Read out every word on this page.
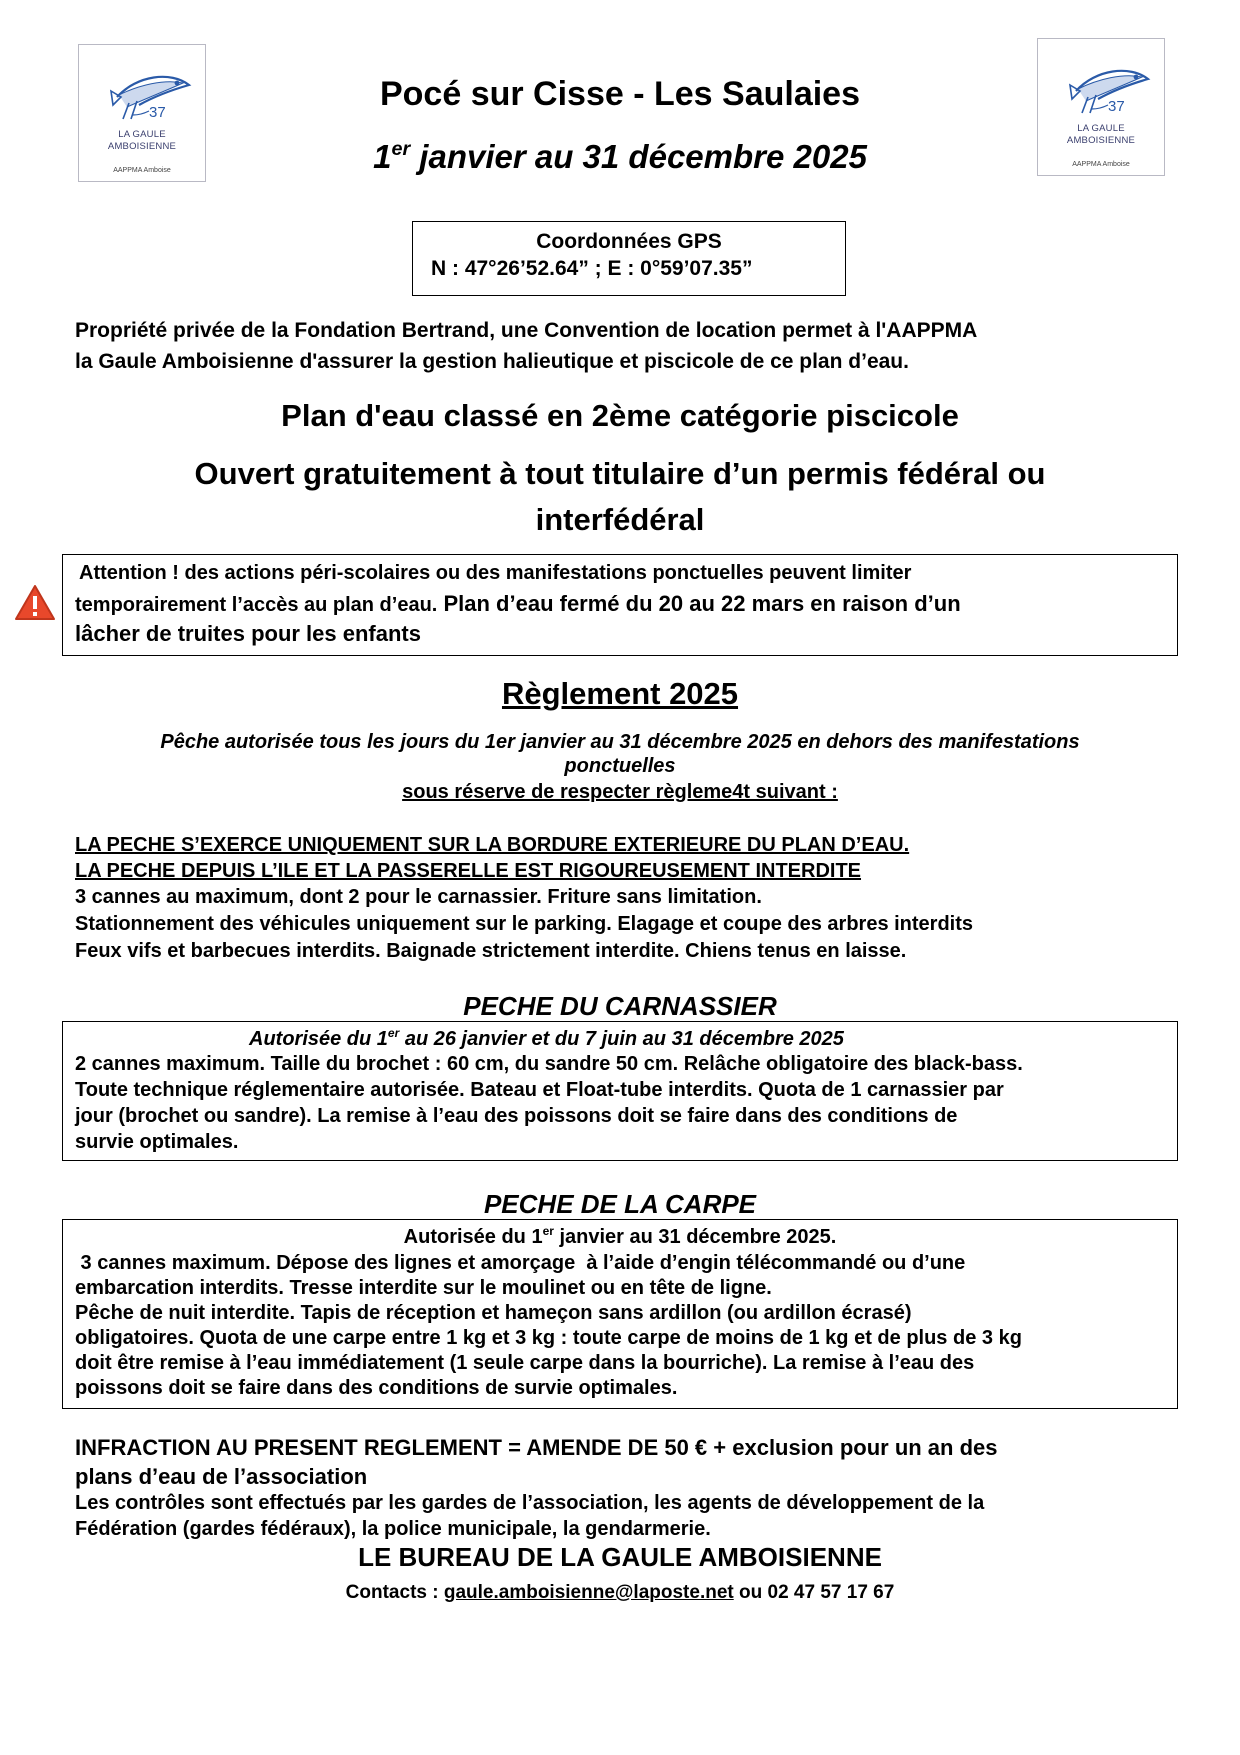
37
LA GAULE
AMBOISIENNE
AAPPMA Amboise
37
LA GAULE
AMBOISIENNE
AAPPMA Amboise
Pocé sur Cisse - Les Saulaies
1er janvier au 31 décembre 2025
Coordonnées GPS
N : 47°26’52.64” ; E : 0°59’07.35”
Propriété privée de la Fondation Bertrand, une Convention de location permet à l'AAPPMA
la Gaule Amboisienne d'assurer la gestion halieutique et piscicole de ce plan d’eau.
Plan d'eau classé en 2ème catégorie piscicole
Ouvert gratuitement à tout titulaire d’un permis fédéral ou
interfédéral
Attention ! des actions péri-scolaires ou des manifestations ponctuelles peuvent limiter
temporairement l’accès au plan d’eau. Plan d’eau fermé du 20 au 22 mars en raison d’un
lâcher de truites pour les enfants
Règlement 2025
Pêche autorisée tous les jours du 1er janvier au 31 décembre 2025 en dehors des manifestations
ponctuelles
sous réserve de respecter règleme4t suivant :
LA PECHE S’EXERCE UNIQUEMENT SUR LA BORDURE EXTERIEURE DU PLAN D’EAU.
LA PECHE DEPUIS L’ILE ET LA PASSERELLE EST RIGOUREUSEMENT INTERDITE
3 cannes au maximum, dont 2 pour le carnassier. Friture sans limitation.
Stationnement des véhicules uniquement sur le parking. Elagage et coupe des arbres interdits
Feux vifs et barbecues interdits. Baignade strictement interdite. Chiens tenus en laisse.
PECHE DU CARNASSIER
Autorisée du 1er au 26 janvier et du 7 juin au 31 décembre 2025
2 cannes maximum. Taille du brochet : 60 cm, du sandre 50 cm. Relâche obligatoire des black-bass.
Toute technique réglementaire autorisée. Bateau et Float-tube interdits. Quota de 1 carnassier par
jour (brochet ou sandre). La remise à l’eau des poissons doit se faire dans des conditions de
survie optimales.
PECHE DE LA CARPE
Autorisée du 1er janvier au 31 décembre 2025.
3 cannes maximum. Dépose des lignes et amorçage  à l’aide d’engin télécommandé ou d’une
embarcation interdits. Tresse interdite sur le moulinet ou en tête de ligne.
Pêche de nuit interdite. Tapis de réception et hameçon sans ardillon (ou ardillon écrasé)
obligatoires. Quota de une carpe entre 1 kg et 3 kg : toute carpe de moins de 1 kg et de plus de 3 kg
doit être remise à l’eau immédiatement (1 seule carpe dans la bourriche). La remise à l’eau des
poissons doit se faire dans des conditions de survie optimales.
INFRACTION AU PRESENT REGLEMENT = AMENDE DE 50 € + exclusion pour un an des
plans d’eau de l’association
Les contrôles sont effectués par les gardes de l’association, les agents de développement de la
Fédération (gardes fédéraux), la police municipale, la gendarmerie.
LE BUREAU DE LA GAULE AMBOISIENNE
Contacts : gaule.amboisienne@laposte.net ou 02 47 57 17 67
